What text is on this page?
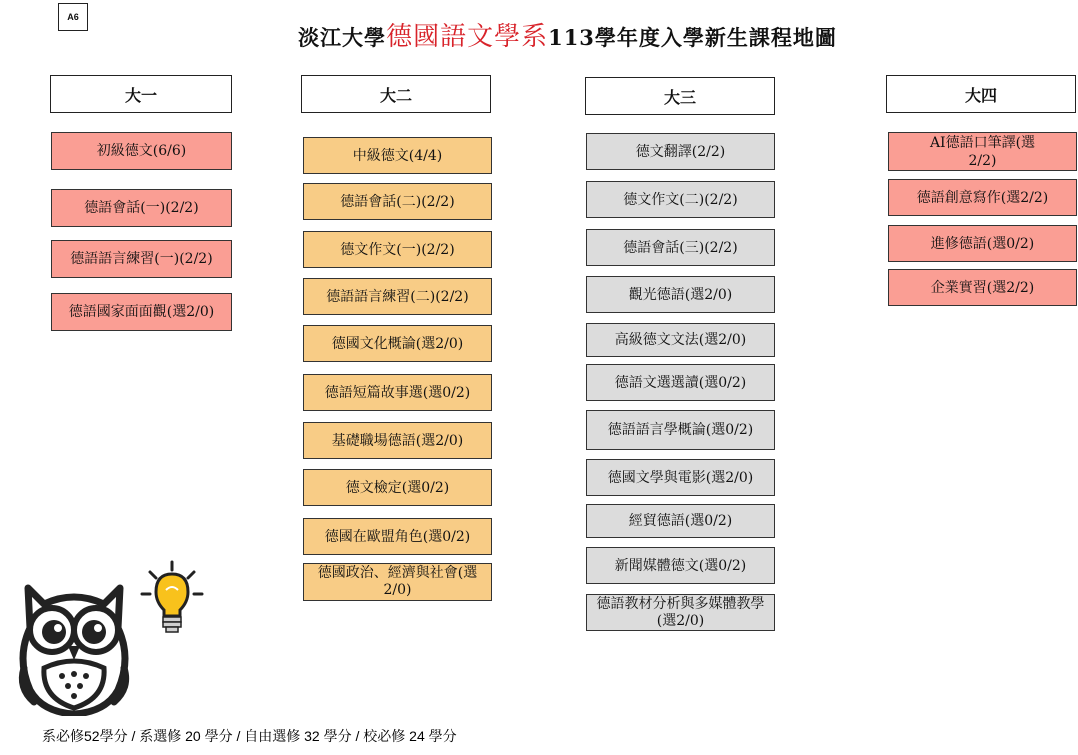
A6
淡江大學德國語文學系113學年度入學新生課程地圖
大一
初級德文(6/6)
德語會話(一)(2/2)
德語語言練習(一)(2/2)
德語國家面面觀(選2/0)
大二
中級德文(4/4)
德語會話(二)(2/2)
德文作文(一)(2/2)
德語語言練習(二)(2/2)
德國文化概論(選2/0)
德語短篇故事選(選0/2)
基礎職場德語(選2/0)
德文檢定(選0/2)
德國在歐盟角色(選0/2)
德國政治、經濟與社會(選2/0)
大三
德文翻譯(2/2)
德文作文(二)(2/2)
德語會話(三)(2/2)
觀光德語(選2/0)
高級德文文法(選2/0)
德語文選選讀(選0/2)
德語語言學概論(選0/2)
德國文學與電影(選2/0)
經貿德語(選0/2)
新聞媒體德文(選0/2)
德語教材分析與多媒體教學(選2/0)
大四
AI德語口筆譯(選2/2)
德語創意寫作(選2/2)
進修德語(選0/2)
企業實習(選2/2)
系必修52學分 / 系選修 20 學分 / 自由選修 32 學分 / 校必修 24 學分
